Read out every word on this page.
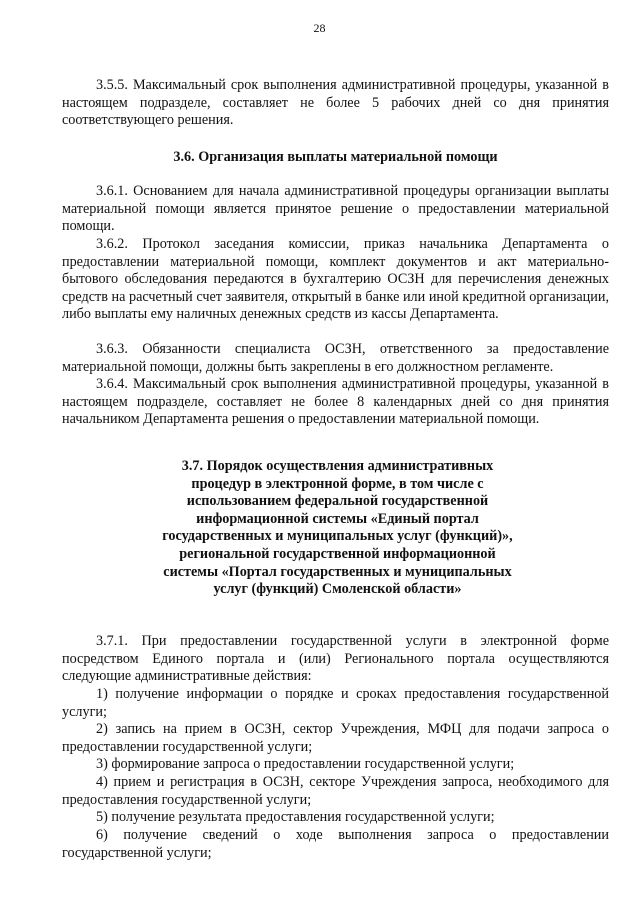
28
3.5.5. Максимальный срок выполнения административной процедуры, указанной в настоящем подразделе, составляет не более 5 рабочих дней со дня принятия соответствующего решения.
3.6. Организация выплаты материальной помощи
3.6.1. Основанием для начала административной процедуры организации выплаты материальной помощи является принятое решение о предоставлении материальной помощи.
3.6.2. Протокол заседания комиссии, приказ начальника Департамента о предоставлении материальной помощи, комплект документов и акт материально-бытового обследования передаются в бухгалтерию ОСЗН для перечисления денежных средств на расчетный счет заявителя, открытый в банке или иной кредитной организации, либо выплаты ему наличных денежных средств из кассы Департамента.
3.6.3. Обязанности специалиста ОСЗН, ответственного за предоставление материальной помощи, должны быть закреплены в его должностном регламенте.
3.6.4. Максимальный срок выполнения административной процедуры, указанной в настоящем подразделе, составляет не более 8 календарных дней со дня принятия начальником Департамента решения о предоставлении материальной помощи.
3.7. Порядок осуществления административных процедур в электронной форме, в том числе с использованием федеральной государственной информационной системы «Единый портал государственных и муниципальных услуг (функций)», региональной государственной информационной системы «Портал государственных и муниципальных услуг (функций) Смоленской области»
3.7.1. При предоставлении государственной услуги в электронной форме посредством Единого портала и (или) Регионального портала осуществляются следующие административные действия:
1) получение информации о порядке и сроках предоставления государственной услуги;
2) запись на прием в ОСЗН, сектор Учреждения, МФЦ для подачи запроса о предоставлении государственной услуги;
3) формирование запроса о предоставлении государственной услуги;
4) прием и регистрация в ОСЗН, секторе Учреждения запроса, необходимого для предоставления государственной услуги;
5) получение результата предоставления государственной услуги;
6) получение сведений о ходе выполнения запроса о предоставлении государственной услуги;
